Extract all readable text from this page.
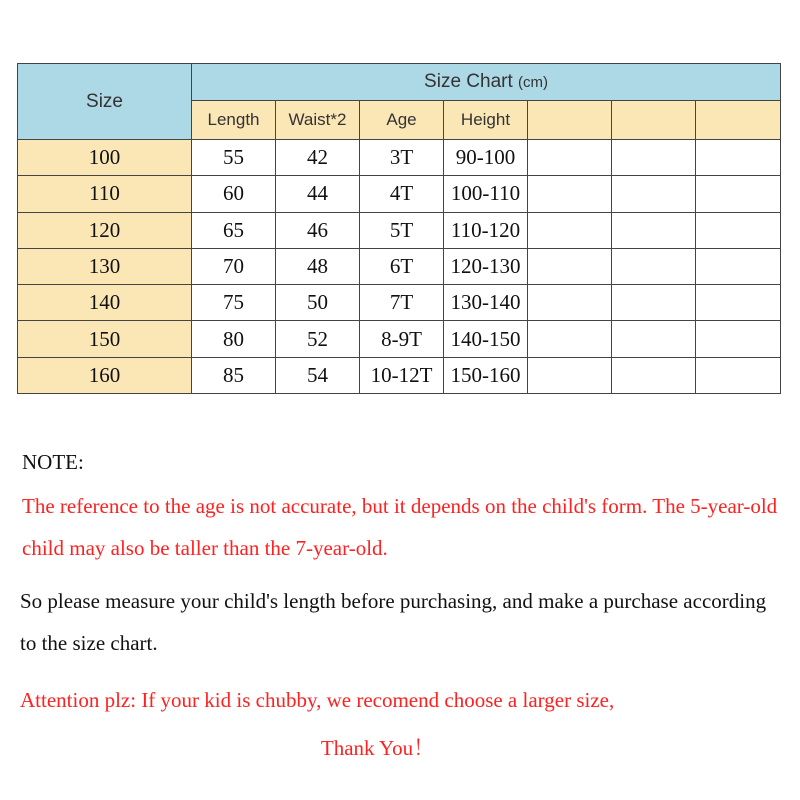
Size	Size Chart (cm)						
	Length	Waist*2	Age	Height			
100	55	42	3T	90-100			
110	60	44	4T	100-110			
120	65	46	5T	110-120			
130	70	48	6T	120-130			
140	75	50	7T	130-140			
150	80	52	8-9T	140-150			
160	85	54	10-12T	150-160			

NOTE:

The reference to the age is not accurate, but it depends on the child's form. The 5-year-old child may also be taller than the 7-year-old.

So please measure your child's length before purchasing, and make a purchase according to the size chart.

Attention plz: If your kid is chubby, we recomend choose a larger size,

Thank You！
